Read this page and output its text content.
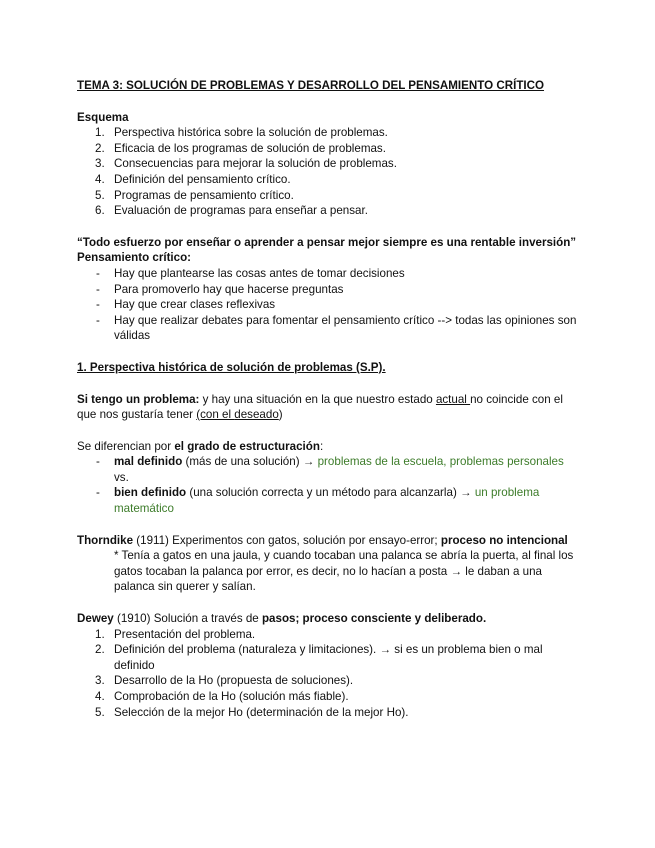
TEMA 3: SOLUCIÓN DE PROBLEMAS Y DESARROLLO DEL PENSAMIENTO CRÍTICO

Esquema

1. Perspectiva histórica sobre la solución de problemas.
2. Eficacia de los programas de solución de problemas.
3. Consecuencias para mejorar la solución de problemas.
4. Definición del pensamiento crítico.
5. Programas de pensamiento crítico.
6. Evaluación de programas para enseñar a pensar.

“Todo esfuerzo por enseñar o aprender a pensar mejor siempre es una rentable inversión”

Pensamiento crítico:

- Hay que plantearse las cosas antes de tomar decisiones
- Para promoverlo hay que hacerse preguntas
- Hay que crear clases reflexivas
- Hay que realizar debates para fomentar el pensamiento crítico --> todas las opiniones son válidas

1. Perspectiva histórica de solución de problemas (S.P).

Si tengo un problema: y hay una situación en la que nuestro estado actual no coincide con el que nos gustaría tener (con el deseado)

Se diferencian por el grado de estructuración:

- mal definido (más de una solución) → problemas de la escuela, problemas personales
vs.
- bien definido (una solución correcta y un método para alcanzarla) → un problema matemático

Thorndike (1911) Experimentos con gatos, solución por ensayo-error; proceso no intencional

* Tenía a gatos en una jaula, y cuando tocaban una palanca se abría la puerta, al final los gatos tocaban la palanca por error, es decir, no lo hacían a posta → le daban a una palanca sin querer y salían.

Dewey (1910) Solución a través de pasos; proceso consciente y deliberado.

1. Presentación del problema.
2. Definición del problema (naturaleza y limitaciones). → si es un problema bien o mal definido
3. Desarrollo de la Ho (propuesta de soluciones).
4. Comprobación de la Ho (solución más fiable).
5. Selección de la mejor Ho (determinación de la mejor Ho).
